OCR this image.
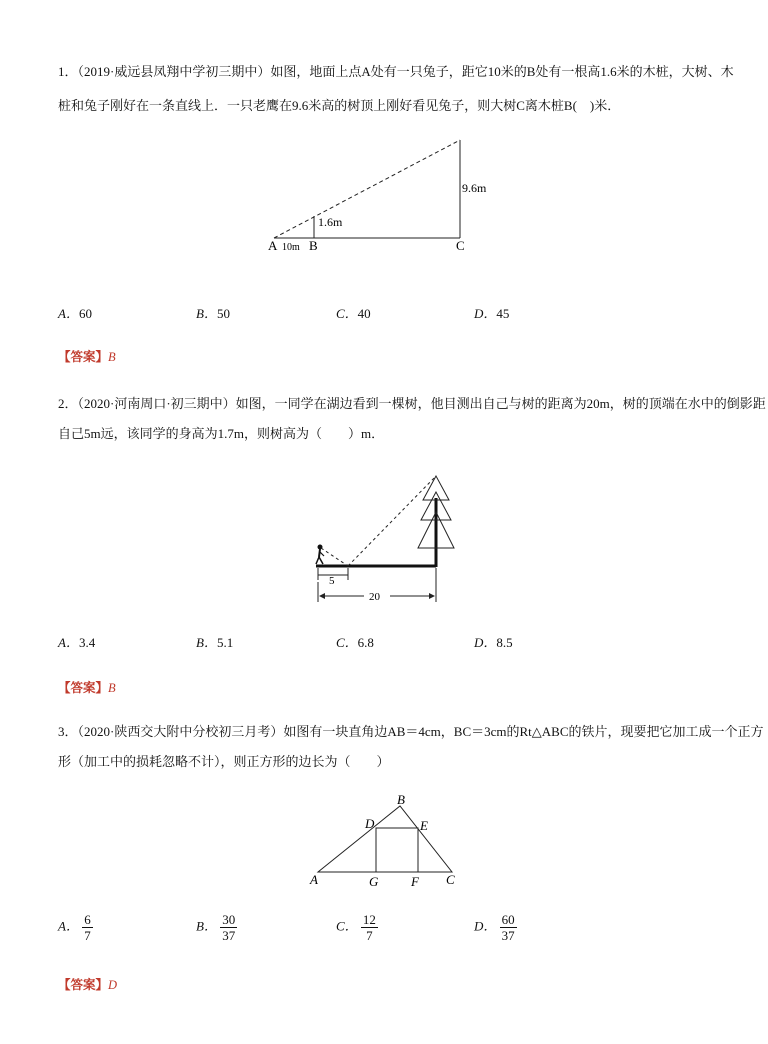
1．（2019·威远县凤翔中学初三期中）如图，地面上点A处有一只兔子，距它10米的B处有一根高1.6米的木桩，大树、木
桩和兔子刚好在一条直线上．一只老鹰在9.6米高的树顶上刚好看见兔子，则大树C离木桩B(　)米．
A 10m B	C
1.6m
9.6m
A．60	B．50	C．40	D．45
【答案】B
2．（2020·河南周口·初三期中）如图，一同学在湖边看到一棵树，他目测出自己与树的距离为20m，树的顶端在水中的倒影距
自己5m远，该同学的身高为1.7m，则树高为（　　）m．
5
20
A．3.4	B．5.1	C．6.8	D．8.5
【答案】B
3．（2020·陕西交大附中分校初三月考）如图有一块直角边AB＝4cm，BC＝3cm的Rt△ABC的铁片，现要把它加工成一个正方
形（加工中的损耗忽略不计），则正方形的边长为（　　）
B
D	E
A	G	F C
A． $\frac{6}{7}$	B． $\frac{30}{37}$	C． $\frac{12}{7}$	D． $\frac{60}{37}$
【答案】D
